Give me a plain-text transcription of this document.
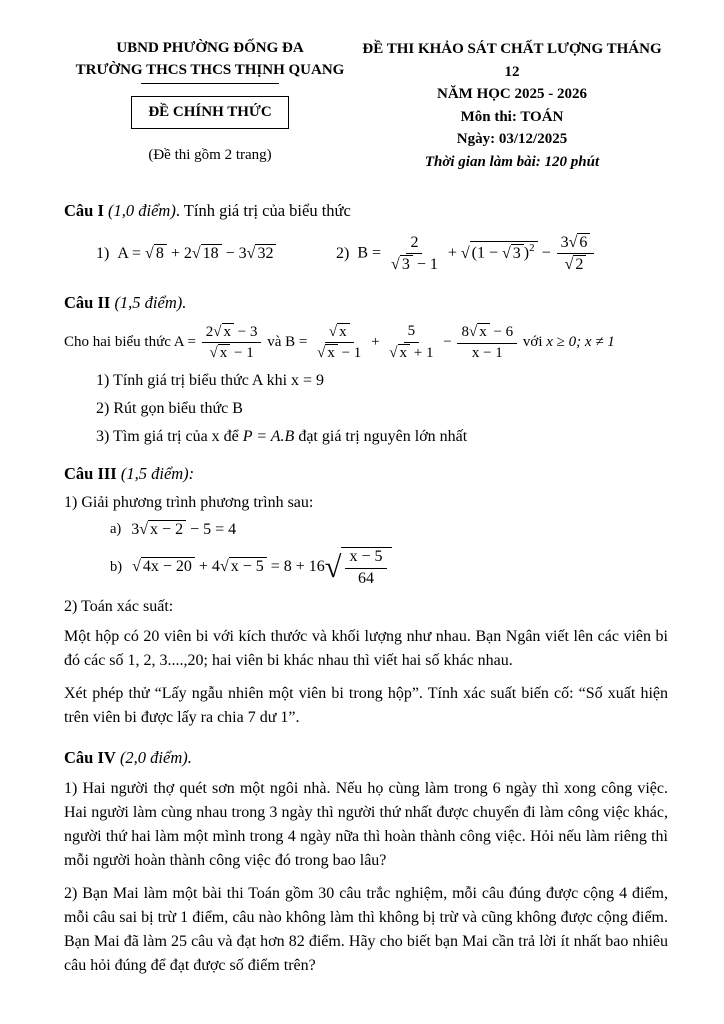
UBND PHƯỜNG ĐỐNG ĐA
TRƯỜNG THCS THCS THỊNH QUANG
ĐỀ CHÍNH THỨC
(Đề thi gồm 2 trang)
ĐỀ THI KHẢO SÁT CHẤT LƯỢNG THÁNG 12
NĂM HỌC 2025 - 2026
Môn thi: TOÁN
Ngày: 03/12/2025
Thời gian làm bài: 120 phút

Câu I (1,0 điểm). Tính giá trị của biểu thức

1) A = √ 8 + 2 √ 18 − 3 √ 32	2) $B = \frac{2}{√ 3 - 1}$ + √ (1 − √ 3 )$^2 - \frac{3 √ 6}{√ 2}$

Câu II (1,5 điểm).

Cho hai biểu thức $A = \frac{2 √ x - 3}{√ x - 1}$ và $B = \frac{√ x}{√ x - 1} + \frac{5}{√ x + 1} - \frac{8 √ x - 6}{x - 1}$ với x ≥ 0; x ≠ 1
1) Tính giá trị biểu thức A khi x = 9
2) Rút gọn biểu thức B
3) Tìm giá trị của x để P = A.B đạt giá trị nguyên lớn nhất

Câu III (1,5 điểm):

1) Giải phương trình phương trình sau:
a) 3 √ x − 2 − 5 = 4
b) √ 4x − 20 + 4 √ x − 5 = 8 + 16 √ $\frac{x - 5}{64}$
2) Toán xác suất:

Một hộp có 20 viên bi với kích thước và khối lượng như nhau. Bạn Ngân viết lên các viên bi đó các số 1, 2, 3....,20; hai viên bi khác nhau thì viết hai số khác nhau.

Xét phép thử “Lấy ngẫu nhiên một viên bi trong hộp”. Tính xác suất biến cố: “Số xuất hiện trên viên bi được lấy ra chia 7 dư 1”.

Câu IV (2,0 điểm).

1) Hai người thợ quét sơn một ngôi nhà. Nếu họ cùng làm trong 6 ngày thì xong công việc. Hai người làm cùng nhau trong 3 ngày thì người thứ nhất được chuyển đi làm công việc khác, người thứ hai làm một mình trong 4 ngày nữa thì hoàn thành công việc. Hỏi nếu làm riêng thì mỗi người hoàn thành công việc đó trong bao lâu?

2) Bạn Mai làm một bài thi Toán gồm 30 câu trắc nghiệm, mỗi câu đúng được cộng 4 điểm, mỗi câu sai bị trừ 1 điểm, câu nào không làm thì không bị trừ và cũng không được cộng điểm. Bạn Mai đã làm 25 câu và đạt hơn 82 điểm. Hãy cho biết bạn Mai cần trả lời ít nhất bao nhiêu câu hỏi đúng để đạt được số điểm trên?
